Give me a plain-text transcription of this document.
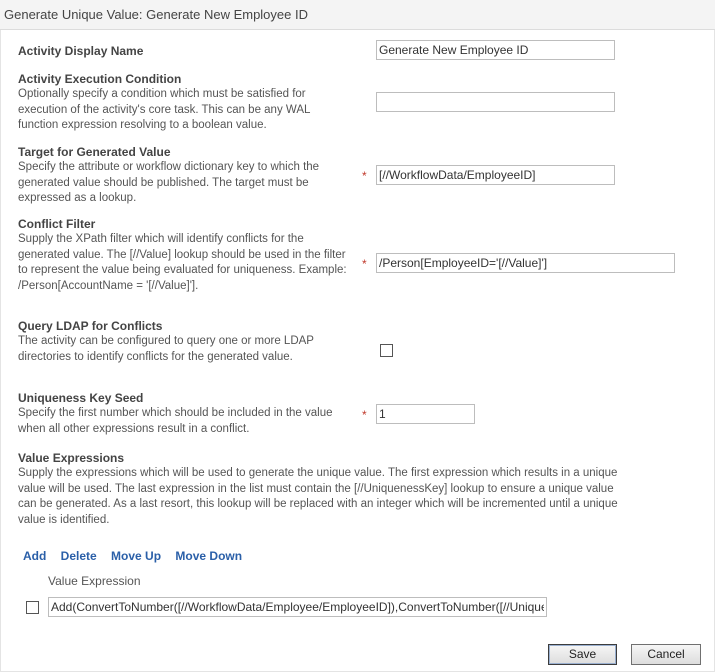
Generate Unique Value: Generate New Employee ID
Activity Display Name
Generate New Employee ID
Activity Execution Condition
Optionally specify a condition which must be satisfied for execution of the activity's core task. This can be any WAL function expression resolving to a boolean value.
Target for Generated Value
Specify the attribute or workflow dictionary key to which the generated value should be published. The target must be expressed as a lookup.
*
[//WorkflowData/EmployeeID]
Conflict Filter
Supply the XPath filter which will identify conflicts for the generated value. The [//Value] lookup should be used in the filter to represent the value being evaluated for uniqueness. Example: /Person[AccountName = '[//Value]'].
*
/Person[EmployeeID='[//Value]']
Query LDAP for Conflicts
The activity can be configured to query one or more LDAP directories to identify conflicts for the generated value.
Uniqueness Key Seed
Specify the first number which should be included in the value when all other expressions result in a conflict.
*
1
Value Expressions
Supply the expressions which will be used to generate the unique value. The first expression which results in a unique value will be used. The last expression in the list must contain the [//UniquenessKey] lookup to ensure a unique value can be generated. As a last resort, this lookup will be replaced with an integer which will be incremented until a unique value is identified.
Add Delete Move Up Move Down
Value Expression
Add(ConvertToNumber([//WorkflowData/Employee/EmployeeID]),ConvertToNumber([//UniquenessKey]))
Save	Cancel
